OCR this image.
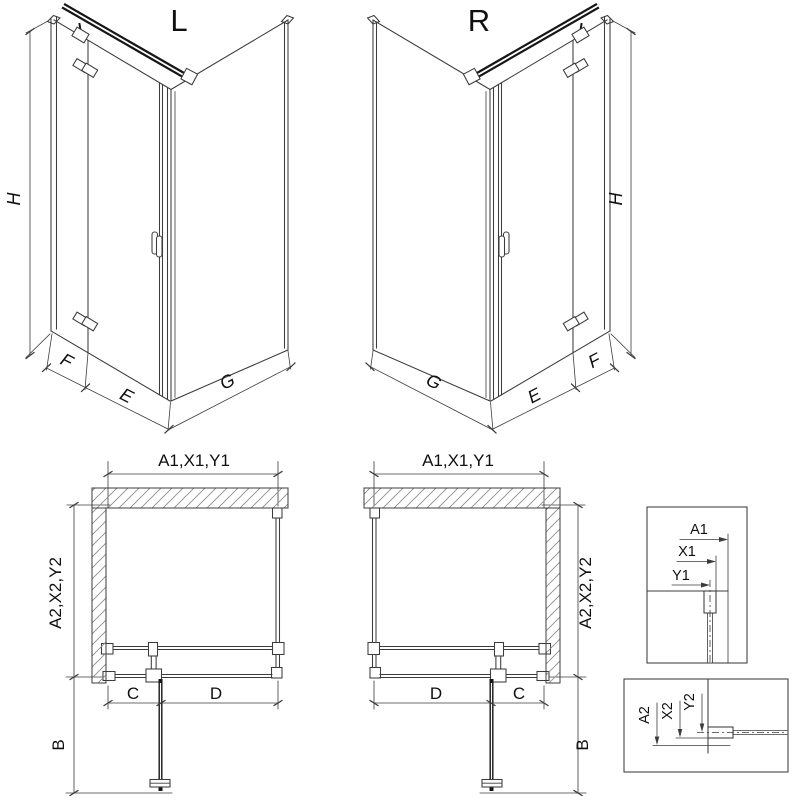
L	R
H	H
F
E
G
F
E
G
A1,X1,Y1	A1,X1,Y1
A2,X2,Y2	A2,X2,Y2
B	B
C	D	D	C
A1
X1
Y1
A2 X2
Y2
